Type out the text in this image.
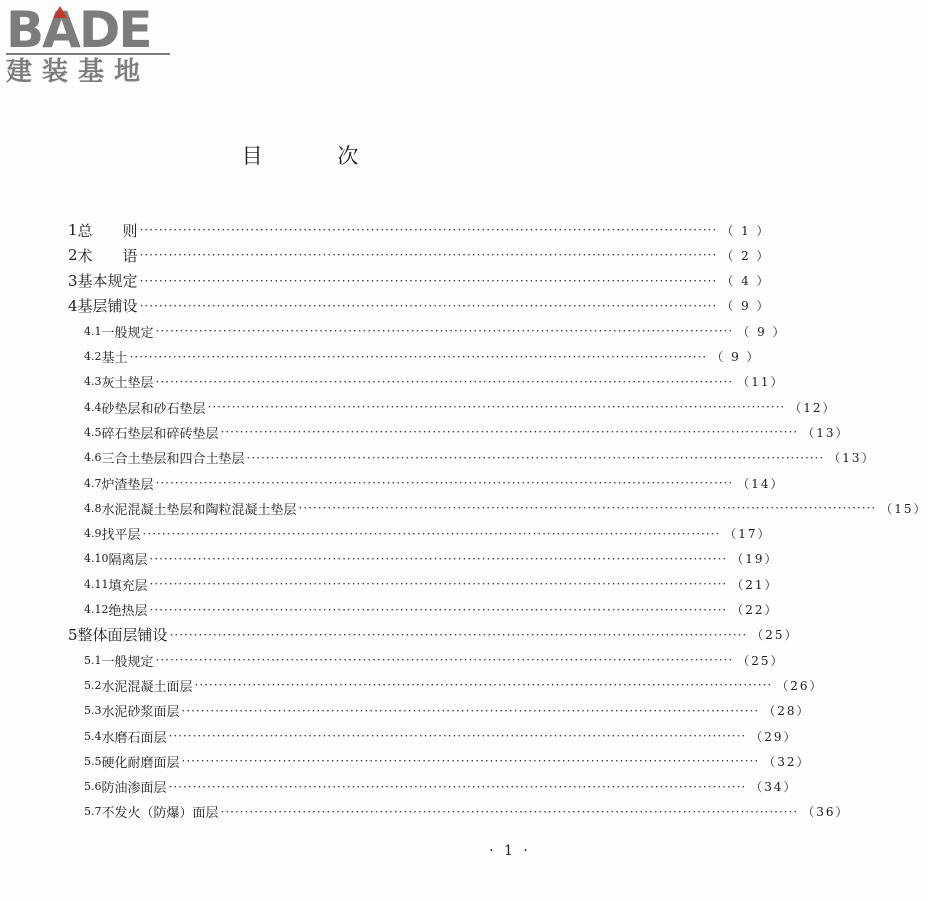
B
ADE
建装基地
目 次
1 总　　则 ························································································································ （ 1 ）
2 术　　语 ························································································································ （ 2 ）
3 基本规定 ························································································································ （ 4 ）
4 基层铺设 ························································································································ （ 9 ）
4.1 一般规定 ························································································································ （ 9 ）
4.2 基土 ························································································································ （ 9 ）
4.3 灰土垫层 ························································································································ （11）
4.4 砂垫层和砂石垫层 ························································································································ （12）
4.5 碎石垫层和碎砖垫层 ························································································································ （13）
4.6 三合土垫层和四合土垫层 ························································································································ （13）
4.7 炉渣垫层 ························································································································ （14）
4.8 水泥混凝土垫层和陶粒混凝土垫层 ························································································································ （15）
4.9 找平层 ························································································································ （17）
4.10 隔离层 ························································································································ （19）
4.11 填充层 ························································································································ （21）
4.12 绝热层 ························································································································ （22）
5 整体面层铺设 ························································································································ （25）
5.1 一般规定 ························································································································ （25）
5.2 水泥混凝土面层 ························································································································ （26）
5.3 水泥砂浆面层 ························································································································ （28）
5.4 水磨石面层 ························································································································ （29）
5.5 硬化耐磨面层 ························································································································ （32）
5.6 防油渗面层 ························································································································ （34）
5.7 不发火（防爆）面层 ························································································································ （36）
· 1 ·
